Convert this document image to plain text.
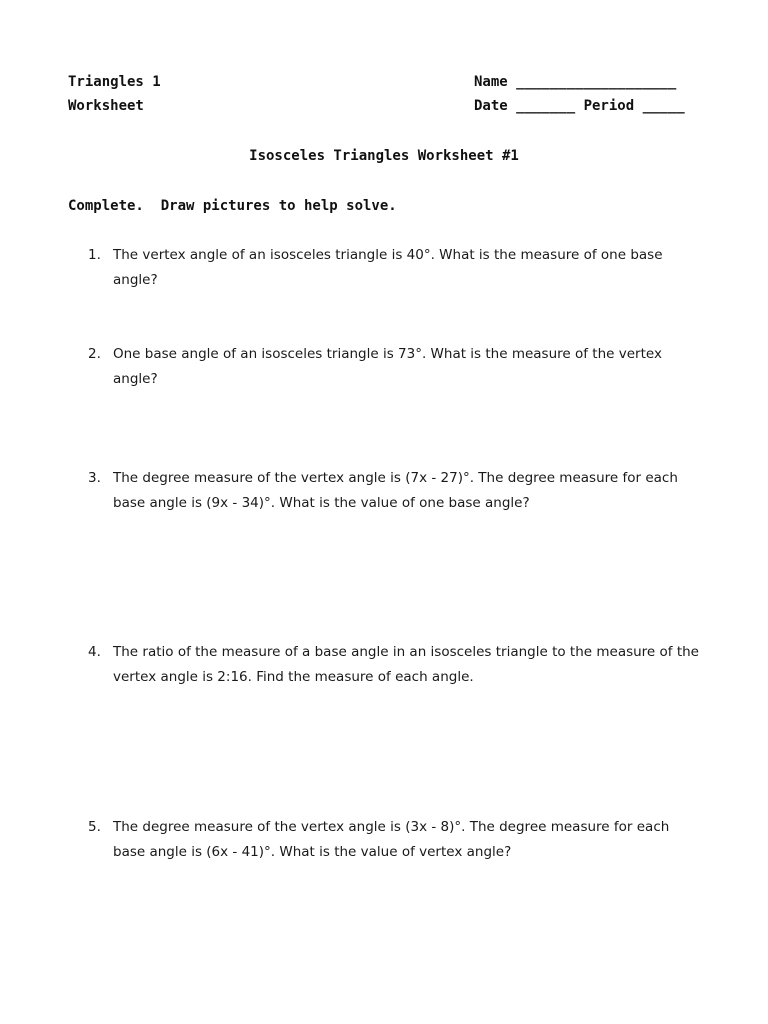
Triangles 1
Worksheet
Name ___________________
Date _______ Period _____
Isosceles Triangles Worksheet #1
Complete.  Draw pictures to help solve.
1. The vertex angle of an isosceles triangle is 40°. What is the measure of one base angle?
2. One base angle of an isosceles triangle is 73°. What is the measure of the vertex angle?
3. The degree measure of the vertex angle is (7x - 27)°. The degree measure for each base angle is (9x - 34)°. What is the value of one base angle?
4. The ratio of the measure of a base angle in an isosceles triangle to the measure of the vertex angle is 2:16. Find the measure of each angle.
5. The degree measure of the vertex angle is (3x - 8)°. The degree measure for each base angle is (6x - 41)°. What is the value of vertex angle?
